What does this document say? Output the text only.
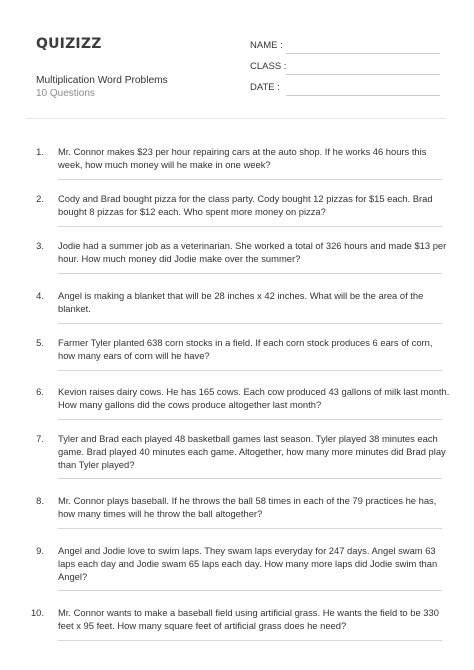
QUIZIZZ
Multiplication Word Problems
10 Questions
NAME :
CLASS :
DATE :
1. Mr. Connor makes $23 per hour repairing cars at the auto shop. If he works 46 hours this week, how much money will he make in one week?
2. Cody and Brad bought pizza for the class party. Cody bought 12 pizzas for $15 each. Brad bought 8 pizzas for $12 each. Who spent more money on pizza?
3. Jodie had a summer job as a veterinarian. She worked a total of 326 hours and made $13 per hour. How much money did Jodie make over the summer?
4. Angel is making a blanket that will be 28 inches x 42 inches. What will be the area of the blanket.
5. Farmer Tyler planted 638 corn stocks in a field. If each corn stock produces 6 ears of corn, how many ears of corn will he have?
6. Kevion raises dairy cows. He has 165 cows. Each cow produced 43 gallons of milk last month. How many gallons did the cows produce altogether last month?
7. Tyler and Brad each played 48 basketball games last season. Tyler played 38 minutes each game. Brad played 40 minutes each game. Altogether, how many more minutes did Brad play than Tyler played?
8. Mr. Connor plays baseball. If he throws the ball 58 times in each of the 79 practices he has, how many times will he throw the ball altogether?
9. Angel and Jodie love to swim laps. They swam laps everyday for 247 days. Angel swam 63 laps each day and Jodie swam 65 laps each day. How many more laps did Jodie swim than Angel?
10. Mr. Connor wants to make a baseball field using artificial grass. He wants the field to be 330 feet x 95 feet. How many square feet of artificial grass does he need?
